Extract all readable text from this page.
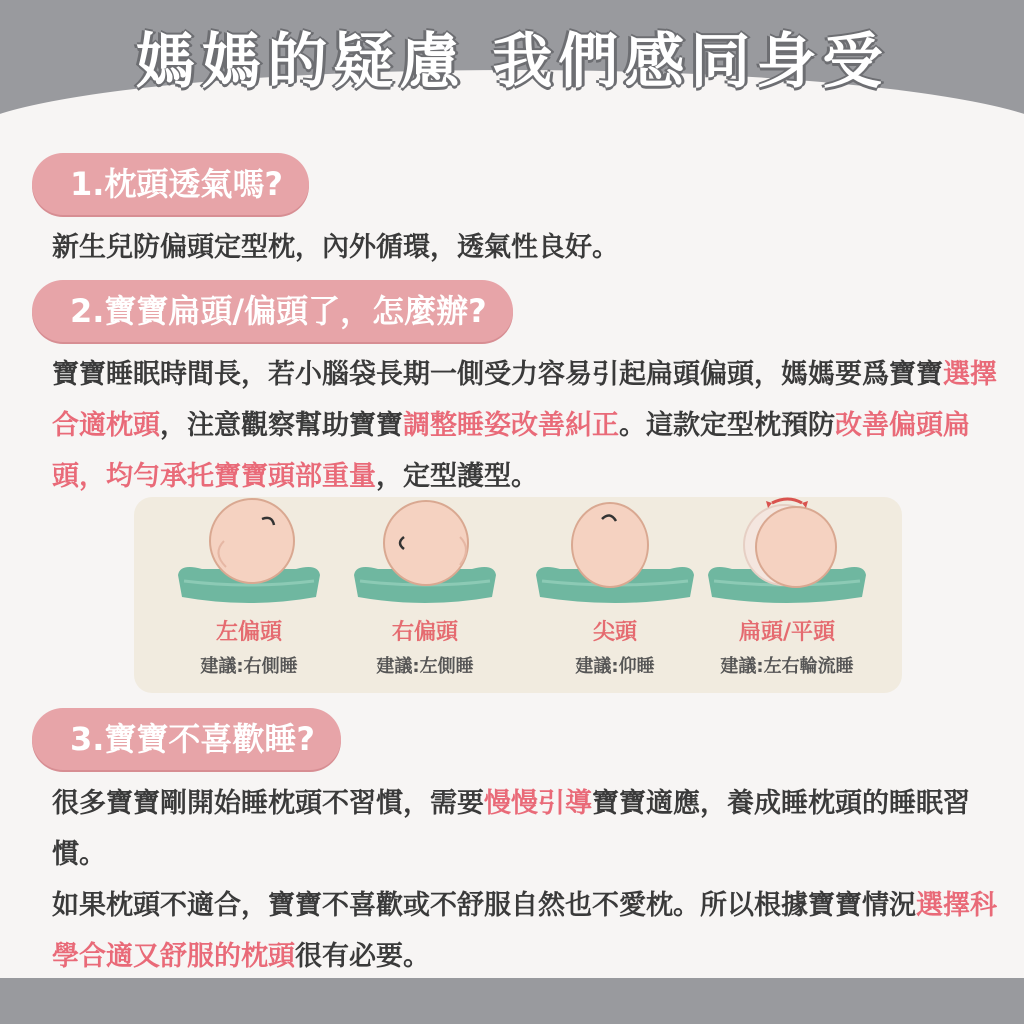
媽媽的疑慮 我們感同身受
1.枕頭透氣嗎?
新生兒防偏頭定型枕，內外循環，透氣性良好。
2.寶寶扁頭/偏頭了，怎麼辦?
寶寶睡眠時間長，若小腦袋長期一側受力容易引起扁頭偏頭，媽媽要爲寶寶選擇合適枕頭，注意觀察幫助寶寶調整睡姿改善糾正。這款定型枕預防改善偏頭扁頭，均勻承托寶寶頭部重量，定型護型。
左偏頭
建議:右側睡
右偏頭
建議:左側睡
尖頭
建議:仰睡
扁頭/平頭
建議:左右輪流睡
3.寶寶不喜歡睡?
很多寶寶剛開始睡枕頭不習慣，需要慢慢引導寶寶適應，養成睡枕頭的睡眠習慣。
如果枕頭不適合，寶寶不喜歡或不舒服自然也不愛枕。所以根據寶寶情況選擇科學合適又舒服的枕頭很有必要。
